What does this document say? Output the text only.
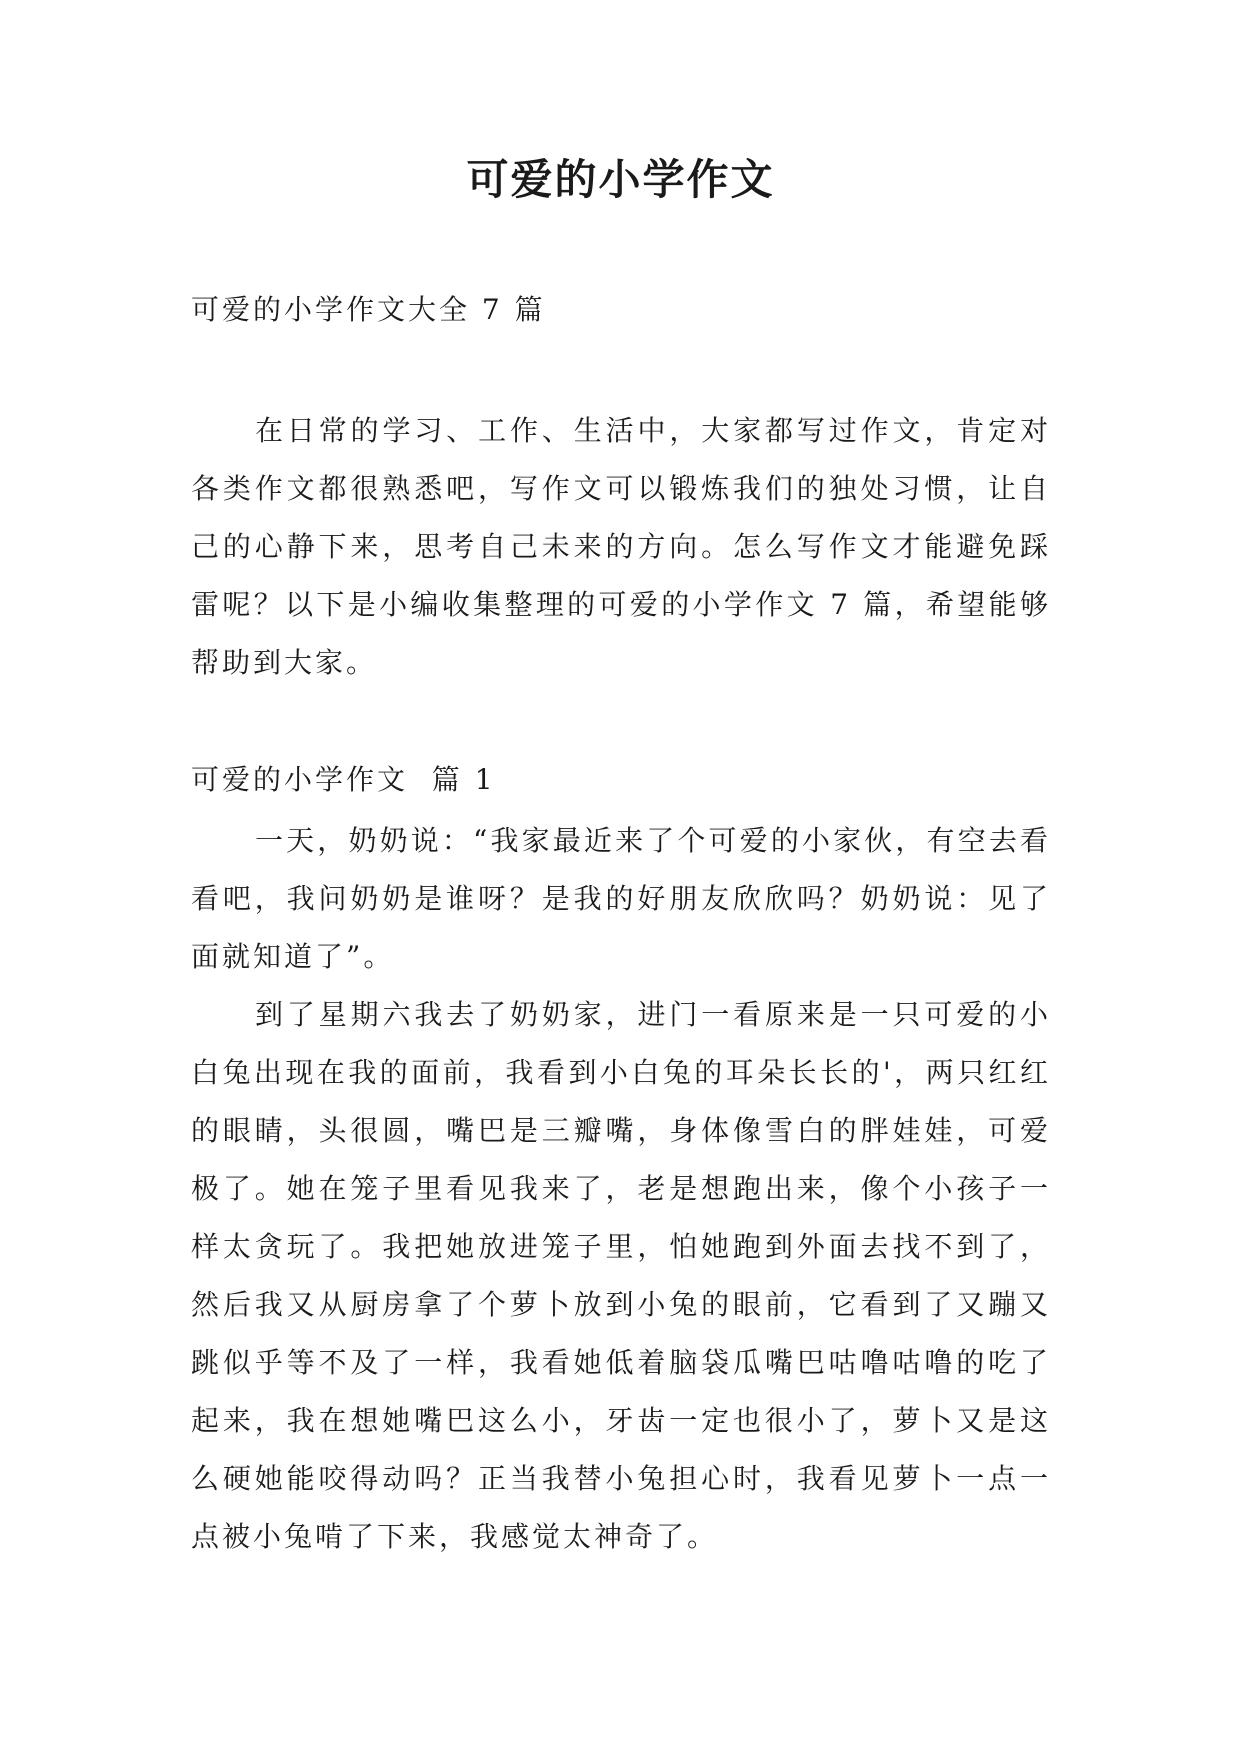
可爱的小学作文

可爱的小学作文大全 7 篇

在日常的学习、工作、生活中，大家都写过作文，肯定对各类作文都很熟悉吧，写作文可以锻炼我们的独处习惯，让自己的心静下来，思考自己未来的方向。怎么写作文才能避免踩雷呢？以下是小编收集整理的可爱的小学作文 7 篇，希望能够帮助到大家。

可爱的小学作文  篇 1

一天，奶奶说：“我家最近来了个可爱的小家伙，有空去看看吧，我问奶奶是谁呀？是我的好朋友欣欣吗？奶奶说：见了面就知道了”。

到了星期六我去了奶奶家，进门一看原来是一只可爱的小白兔出现在我的面前，我看到小白兔的耳朵长长的'，两只红红的眼睛，头很圆，嘴巴是三瓣嘴，身体像雪白的胖娃娃，可爱极了。她在笼子里看见我来了，老是想跑出来，像个小孩子一样太贪玩了。我把她放进笼子里，怕她跑到外面去找不到了，然后我又从厨房拿了个萝卜放到小兔的眼前，它看到了又蹦又跳似乎等不及了一样，我看她低着脑袋瓜嘴巴咕噜咕噜的吃了起来，我在想她嘴巴这么小，牙齿一定也很小了，萝卜又是这么硬她能咬得动吗？正当我替小兔担心时，我看见萝卜一点一点被小兔啃了下来，我感觉太神奇了。
